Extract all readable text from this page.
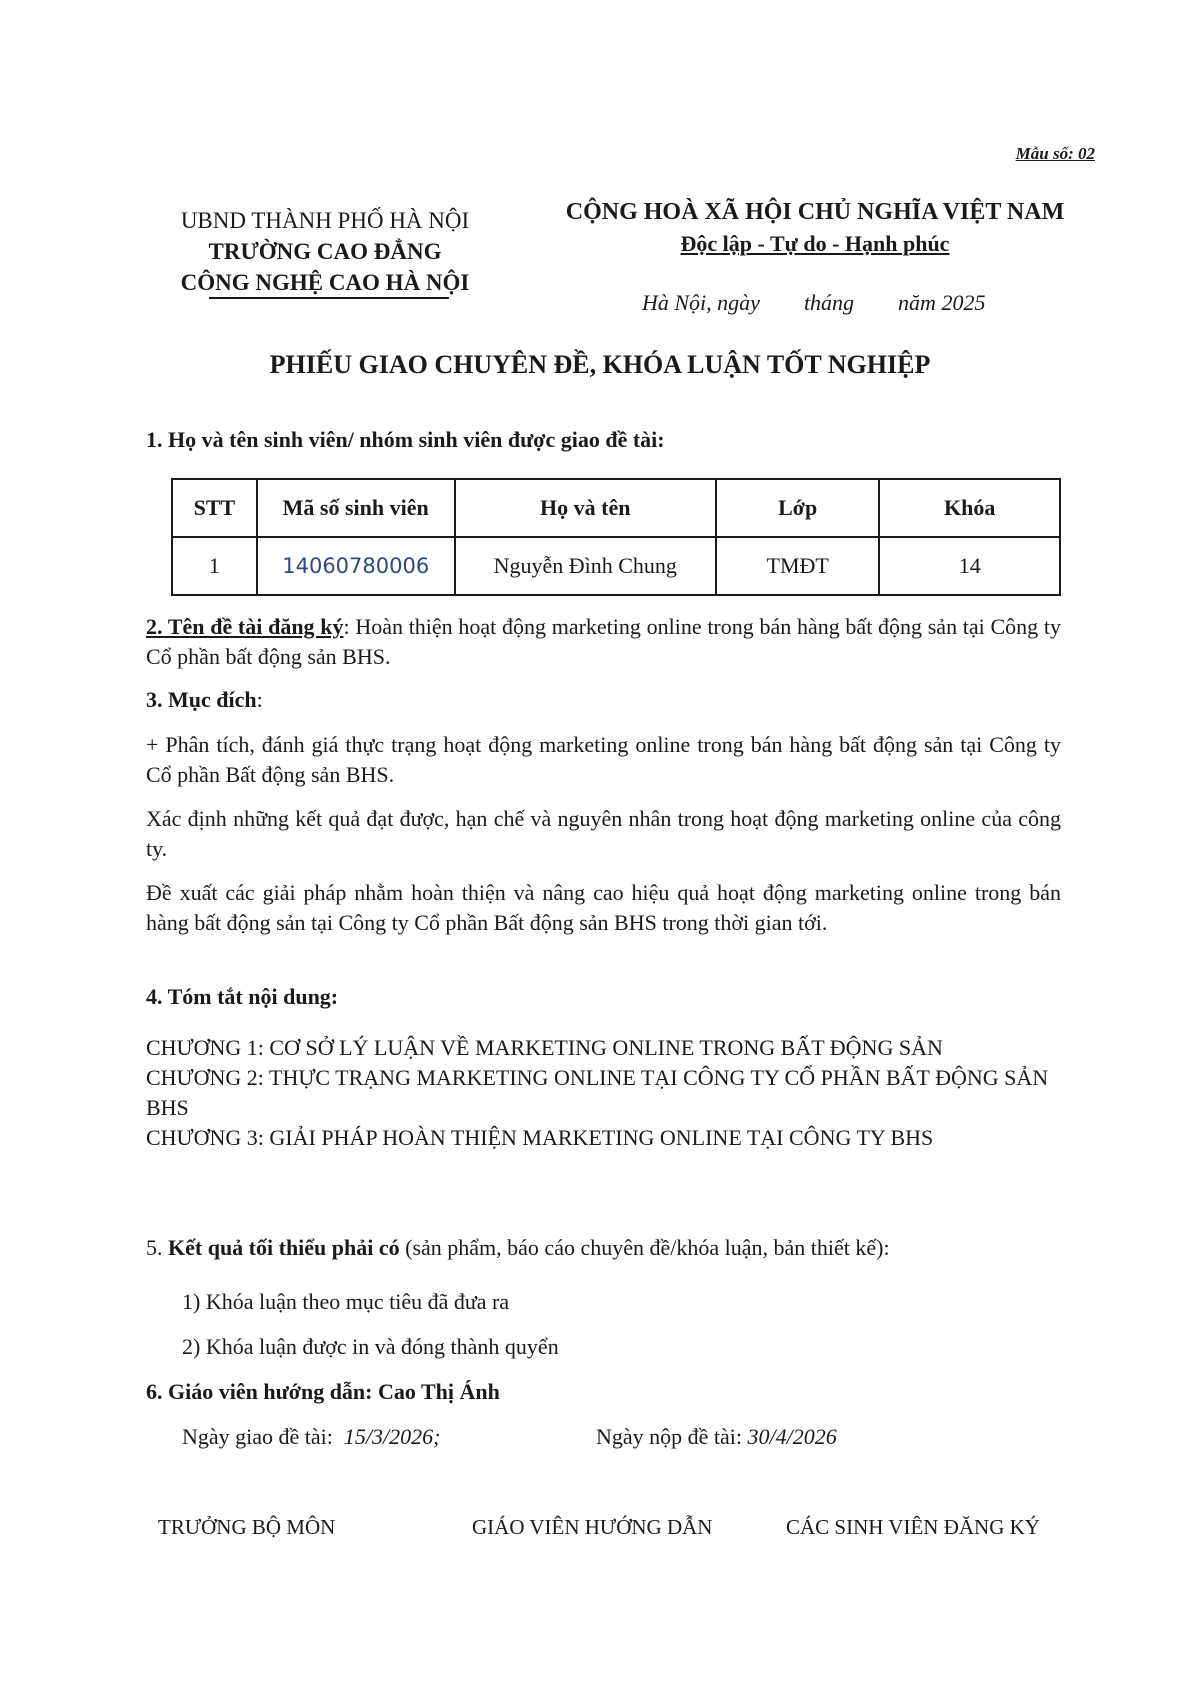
Mẫu số: 02
UBND THÀNH PHỐ HÀ NỘI
TRƯỜNG CAO ĐẲNG
CÔNG NGHỆ CAO HÀ NỘI
CỘNG HOÀ XÃ HỘI CHỦ NGHĨA VIỆT NAM
Độc lập - Tự do - Hạnh phúc
Hà Nội, ngày        tháng        năm 2025
PHIẾU GIAO CHUYÊN ĐỀ, KHÓA LUẬN TỐT NGHIỆP
1. Họ và tên sinh viên/ nhóm sinh viên được giao đề tài:
STT	Mã số sinh viên	Họ và tên	Lớp	Khóa
1	14060780006	Nguyễn Đình Chung	TMĐT	14
2. Tên đề tài đăng ký: Hoàn thiện hoạt động marketing online trong bán hàng bất động sản tại Công ty Cổ phần bất động sản BHS.
3. Mục đích:
+ Phân tích, đánh giá thực trạng hoạt động marketing online trong bán hàng bất động sản tại Công ty Cổ phần Bất động sản BHS.
Xác định những kết quả đạt được, hạn chế và nguyên nhân trong hoạt động marketing online của công ty.
Đề xuất các giải pháp nhằm hoàn thiện và nâng cao hiệu quả hoạt động marketing online trong bán hàng bất động sản tại Công ty Cổ phần Bất động sản BHS trong thời gian tới.
4. Tóm tắt nội dung:
CHƯƠNG 1: CƠ SỞ LÝ LUẬN VỀ MARKETING ONLINE TRONG BẤT ĐỘNG SẢN
CHƯƠNG 2: THỰC TRẠNG MARKETING ONLINE TẠI CÔNG TY CỔ PHẦN BẤT ĐỘNG SẢN BHS
CHƯƠNG 3: GIẢI PHÁP HOÀN THIỆN MARKETING ONLINE TẠI CÔNG TY BHS
5. Kết quả tối thiểu phải có (sản phẩm, báo cáo chuyên đề/khóa luận, bản thiết kế):
1) Khóa luận theo mục tiêu đã đưa ra
2) Khóa luận được in và đóng thành quyển
6. Giáo viên hướng dẫn: Cao Thị Ánh
Ngày giao đề tài: 15/3/2026;	Ngày nộp đề tài: 30/4/2026
TRƯỞNG BỘ MÔN	GIÁO VIÊN HƯỚNG DẪN	CÁC SINH VIÊN ĐĂNG KÝ
